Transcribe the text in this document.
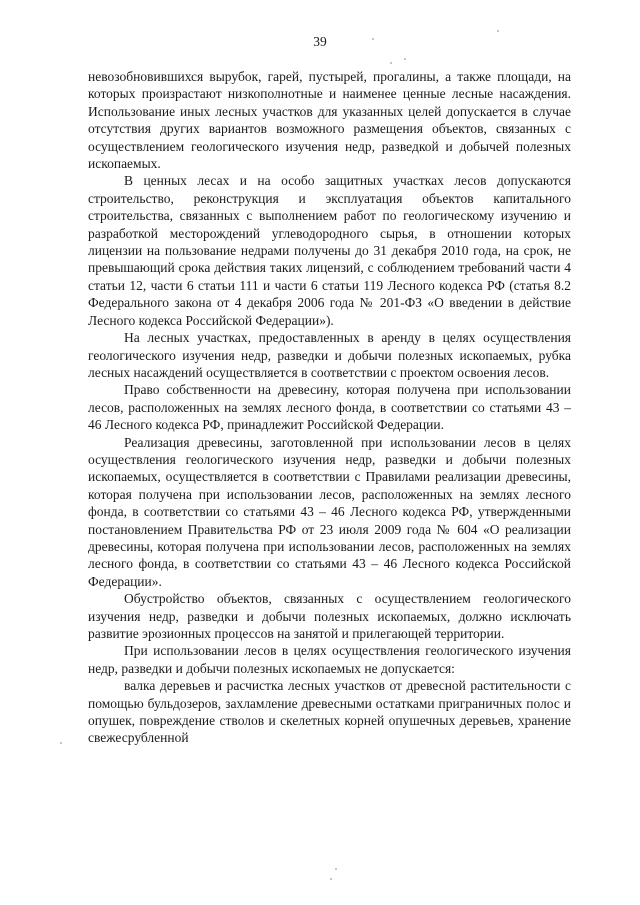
39

невозобновившихся вырубок, гарей, пустырей, прогалины, а также площади, на которых произрастают низкополнотные и наименее ценные лесные насаждения. Использование иных лесных участков для указанных целей допускается в случае отсутствия других вариантов возможного размещения объектов, связанных с осуществлением геологического изучения недр, разведкой и добычей полезных ископаемых.

В ценных лесах и на особо защитных участках лесов допускаются строительство, реконструкция и эксплуатация объектов капитального строительства, связанных с выполнением работ по геологическому изучению и разработкой месторождений углеводородного сырья, в отношении которых лицензии на пользование недрами получены до 31 декабря 2010 года, на срок, не превышающий срока действия таких лицензий, с соблюдением требований части 4 статьи 12, части 6 статьи 111 и части 6 статьи 119 Лесного кодекса РФ (статья 8.2 Федерального закона от 4 декабря 2006 года № 201-ФЗ «О введении в действие Лесного кодекса Российской Федерации»).

На лесных участках, предоставленных в аренду в целях осуществления геологического изучения недр, разведки и добычи полезных ископаемых, рубка лесных насаждений осуществляется в соответствии с проектом освоения лесов.

Право собственности на древесину, которая получена при использовании лесов, расположенных на землях лесного фонда, в соответствии со статьями 43 – 46 Лесного кодекса РФ, принадлежит Российской Федерации.

Реализация древесины, заготовленной при использовании лесов в целях осуществления геологического изучения недр, разведки и добычи полезных ископаемых, осуществляется в соответствии с Правилами реализации древесины, которая получена при использовании лесов, расположенных на землях лесного фонда, в соответствии со статьями 43 – 46 Лесного кодекса РФ, утвержденными постановлением Правительства РФ от 23 июля 2009 года № 604 «О реализации древесины, которая получена при использовании лесов, расположенных на землях лесного фонда, в соответствии со статьями 43 – 46 Лесного кодекса Российской Федерации».

Обустройство объектов, связанных с осуществлением геологического изучения недр, разведки и добычи полезных ископаемых, должно исключать развитие эрозионных процессов на занятой и прилегающей территории.

При использовании лесов в целях осуществления геологического изучения недр, разведки и добычи полезных ископаемых не допускается:

валка деревьев и расчистка лесных участков от древесной растительности с помощью бульдозеров, захламление древесными остатками приграничных полос и опушек, повреждение стволов и скелетных корней опушечных деревьев, хранение свежесрубленной
